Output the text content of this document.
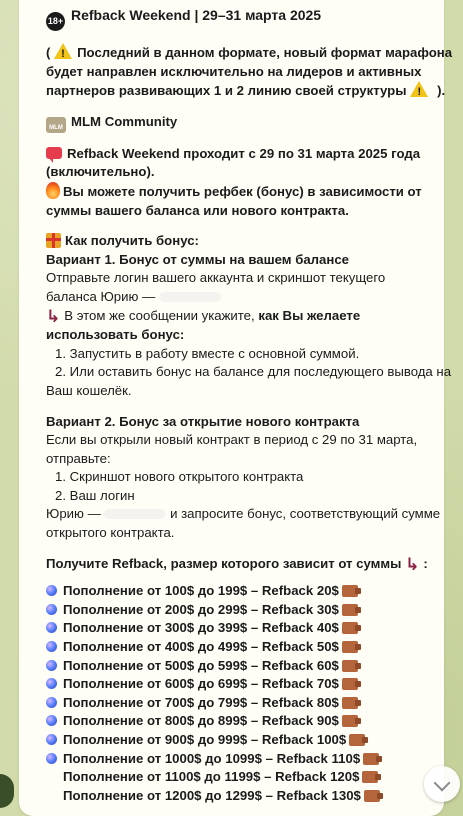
18+ Refback Weekend | 29–31 марта 2025
( ! Последний в данном формате, новый формат марафона
будет направлен исключительно на лидеров и активных
партнеров развивающих 1 и 2 линию своей структуры! ).
MLM MLM Community
Refback Weekend проходит с 29 по 31 марта 2025 года
(включительно).
Вы можете получить рефбек (бонус) в зависимости от
суммы вашего баланса или нового контракта.
Как получить бонус:
Вариант 1. Бонус от суммы на вашем балансе
Отправьте логин вашего аккаунта и скриншот текущего
баланса Юрию —
↳ В этом же сообщении укажите, как Вы желаете
использовать бонус:
1. Запустить в работу вместе с основной суммой.
2. Или оставить бонус на балансе для последующего вывода на
Ваш кошелёк.
Вариант 2. Бонус за открытие нового контракта
Если вы открыли новый контракт в период с 29 по 31 марта,
отправьте:
1. Скриншот нового открытого контракта
2. Ваш логин
Юрию —	и запросите бонус, соответствующий сумме
открытого контракта.
Получите Refback, размер которого зависит от суммы ↳ :
Пополнение от 100$ до 199$ – Refback 20$
Пополнение от 200$ до 299$ – Refback 30$
Пополнение от 300$ до 399$ – Refback 40$
Пополнение от 400$ до 499$ – Refback 50$
Пополнение от 500$ до 599$ – Refback 60$
Пополнение от 600$ до 699$ – Refback 70$
Пополнение от 700$ до 799$ – Refback 80$
Пополнение от 800$ до 899$ – Refback 90$
Пополнение от 900$ до 999$ – Refback 100$
Пополнение от 1000$ до 1099$ – Refback 110$
Пополнение от 1100$ до 1199$ – Refback 120$
Пополнение от 1200$ до 1299$ – Refback 130$
